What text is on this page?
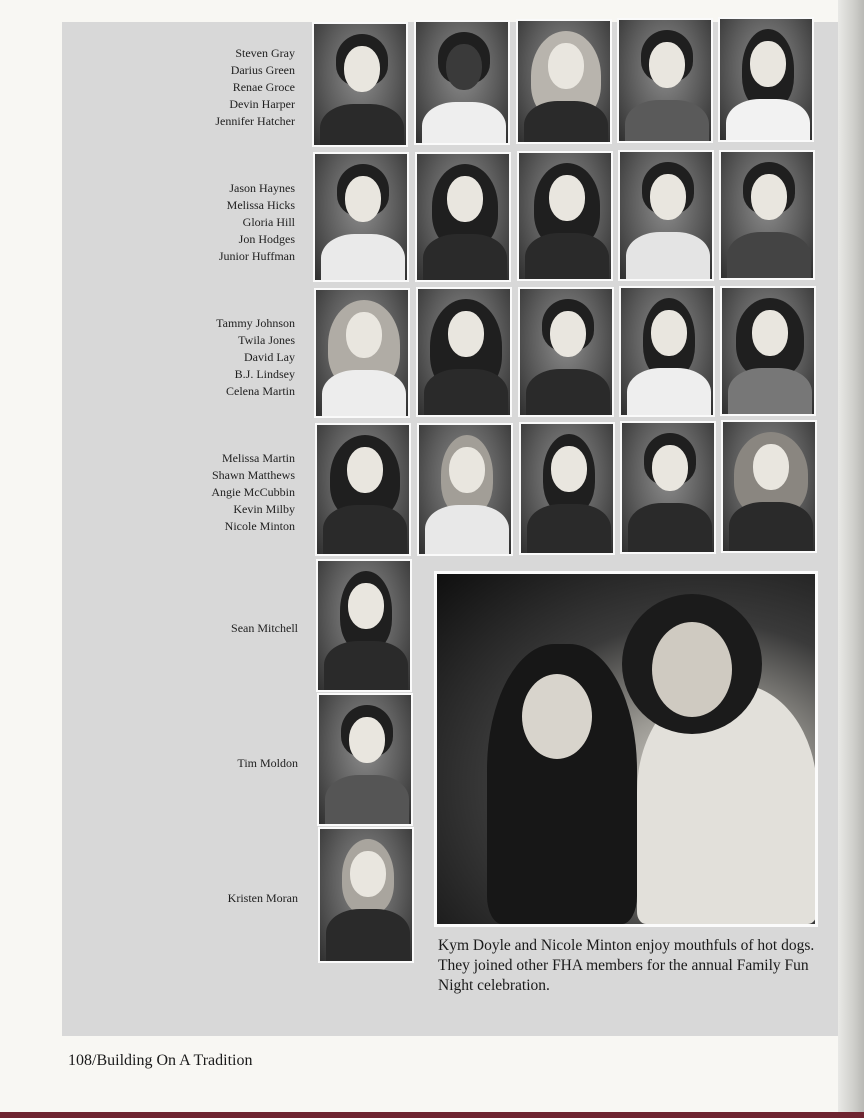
Steven Gray
Darius Green
Renae Groce
Devin Harper
Jennifer Hatcher
Jason Haynes
Melissa Hicks
Gloria Hill
Jon Hodges
Junior Huffman
Tammy Johnson
Twila Jones
David Lay
B.J. Lindsey
Celena Martin
Melissa Martin
Shawn Matthews
Angie McCubbin
Kevin Milby
Nicole Minton
Sean Mitchell
Tim Moldon
Kristen Moran
Kym Doyle and Nicole Minton enjoy mouthfuls of hot dogs. They joined other FHA members for the annual Family Fun Night celebration.
108/Building On A Tradition
